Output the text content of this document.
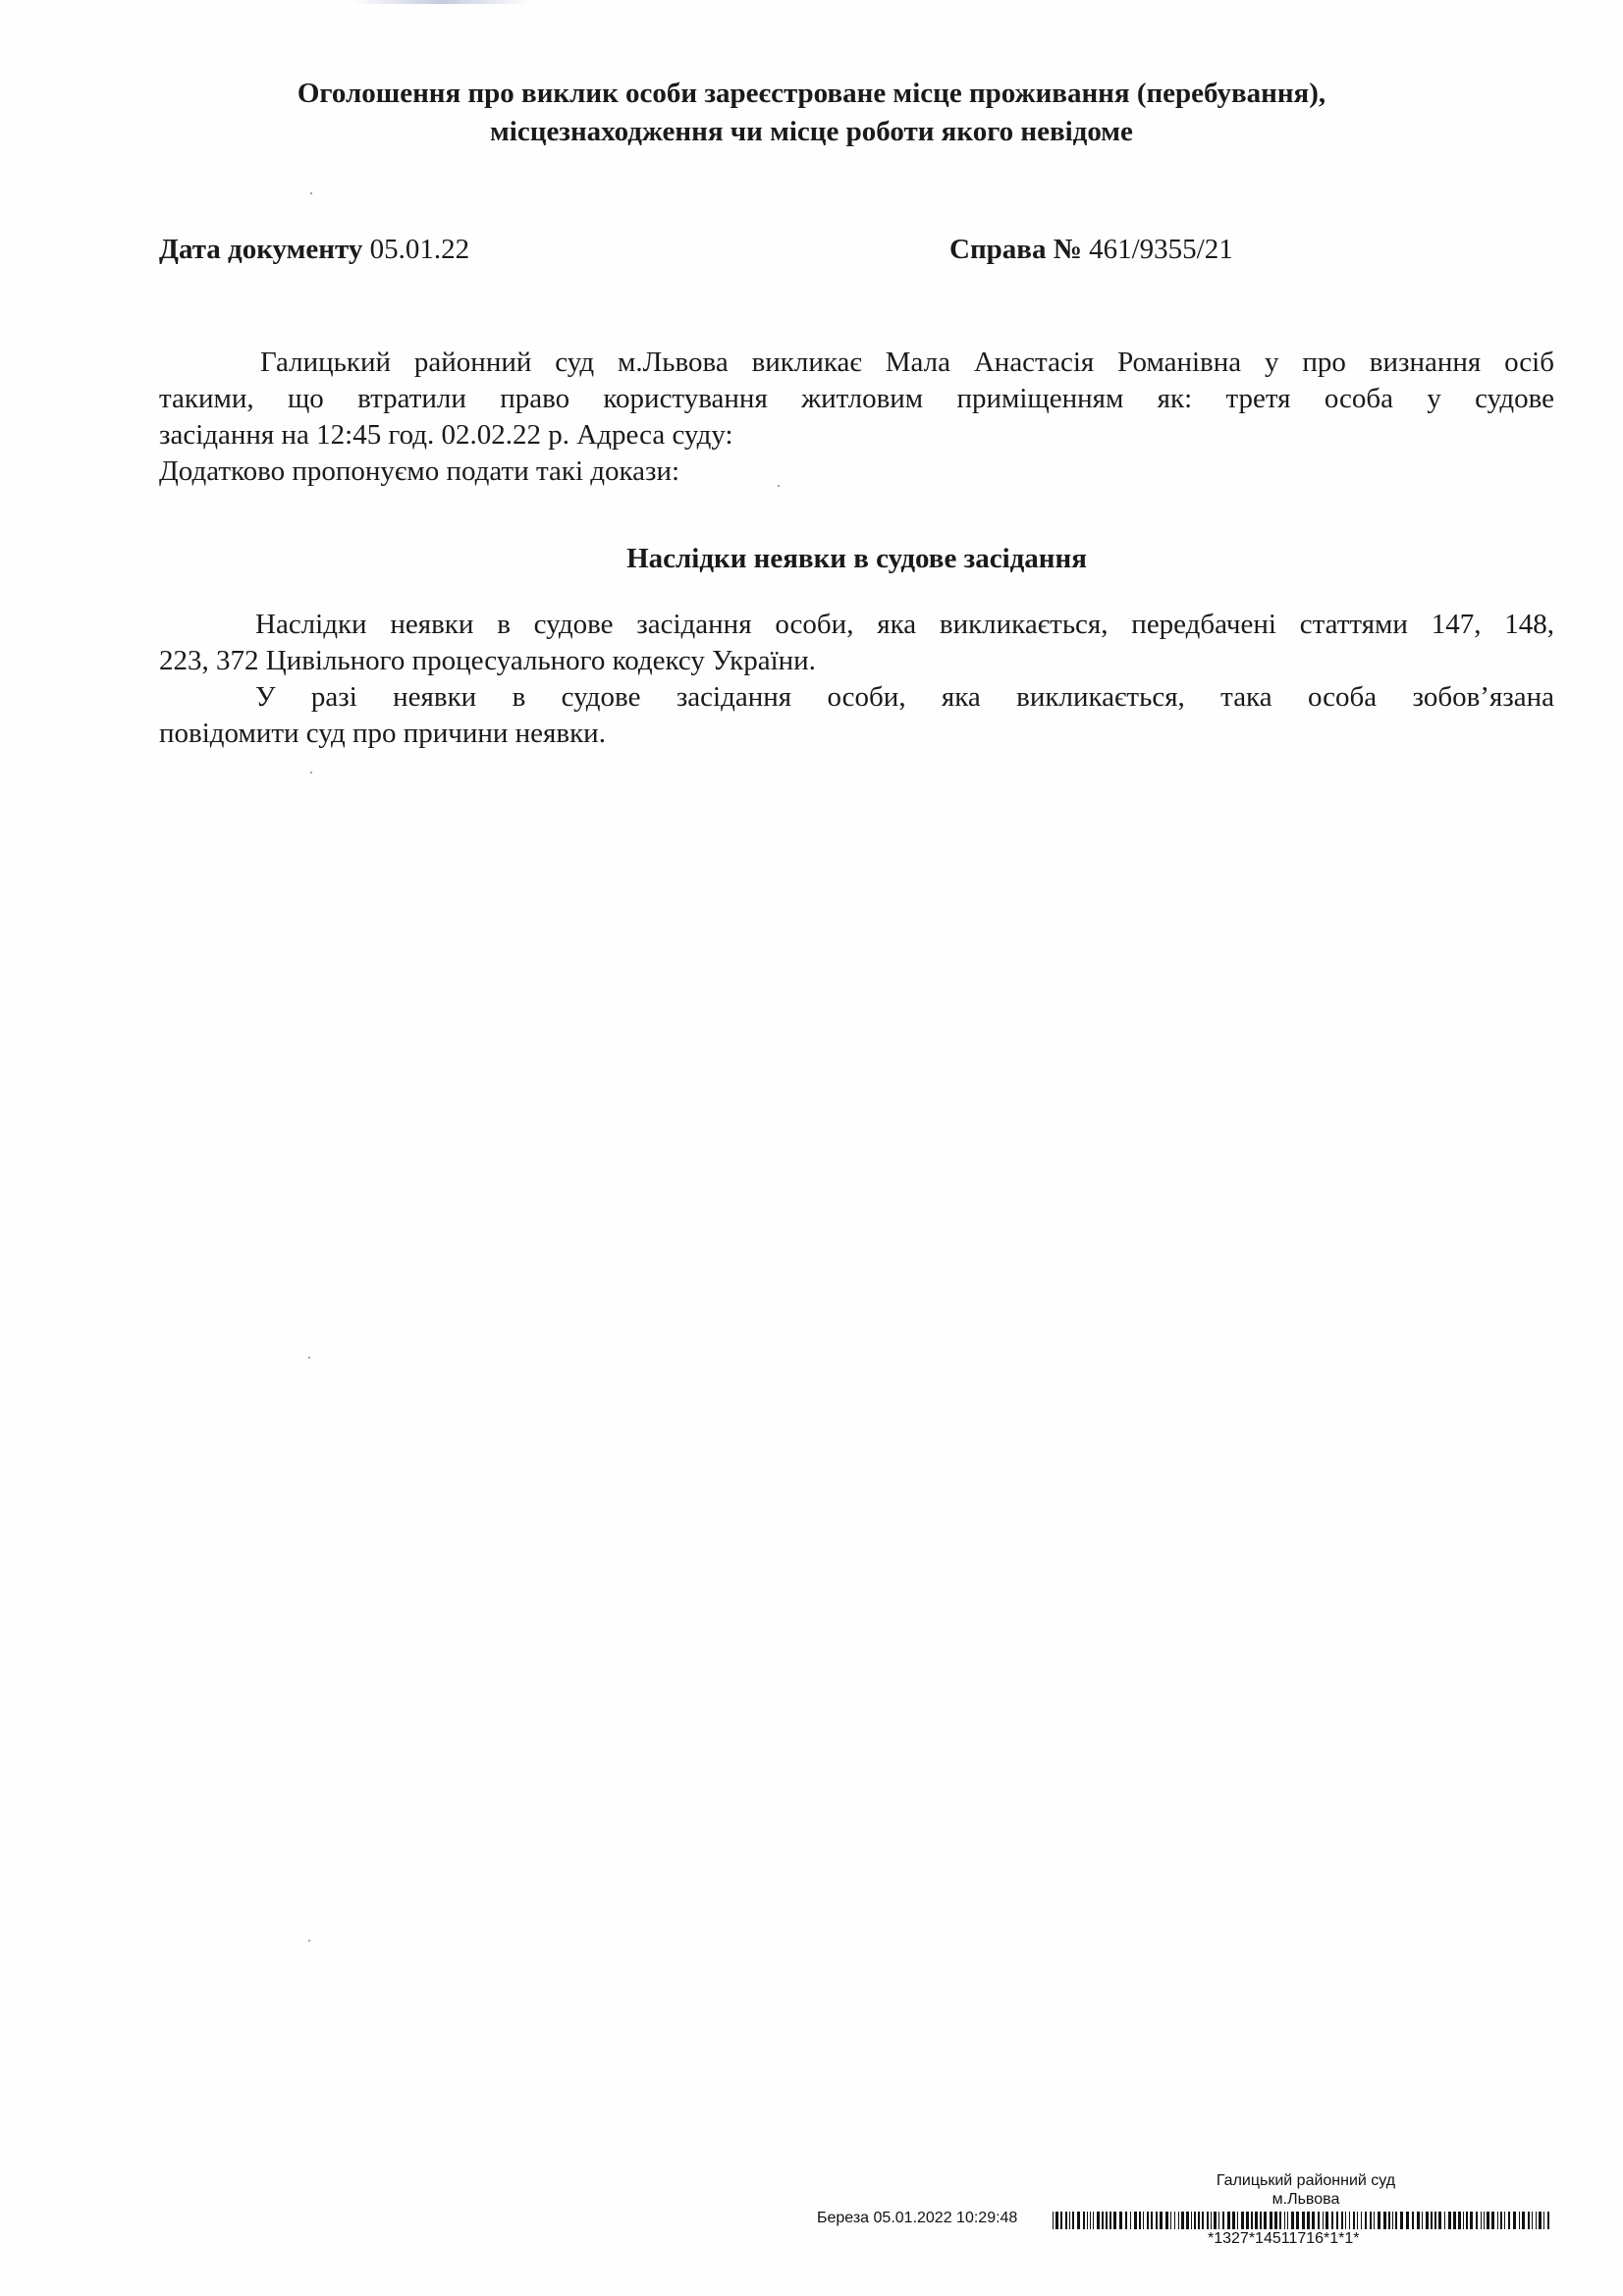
Оголошення про виклик особи зареєстроване місце проживання (перебування),
місцезнаходження чи місце роботи якого невідоме
Дата документу 05.01.22	Справа № 461/9355/21
Галицький районний суд м.Львова викликає Мала Анастасія Романівна у про визнання осіб
такими, що втратили право користування житловим приміщенням як: третя особа у судове
засідання на 12:45 год. 02.02.22 р. Адреса суду:
Додатково пропонуємо подати такі докази:
Наслідки неявки в судове засідання
Наслідки неявки в судове засідання особи, яка викликається, передбачені статтями 147, 148,
223, 372 Цивільного процесуального кодексу України.
У разі неявки в судове засідання особи, яка викликається, така особа зобов’язана
повідомити суд про причини неявки.
Галицький районний суд
м.Львова
Береза 05.01.2022 10:29:48
*1327*14511716*1*1*
